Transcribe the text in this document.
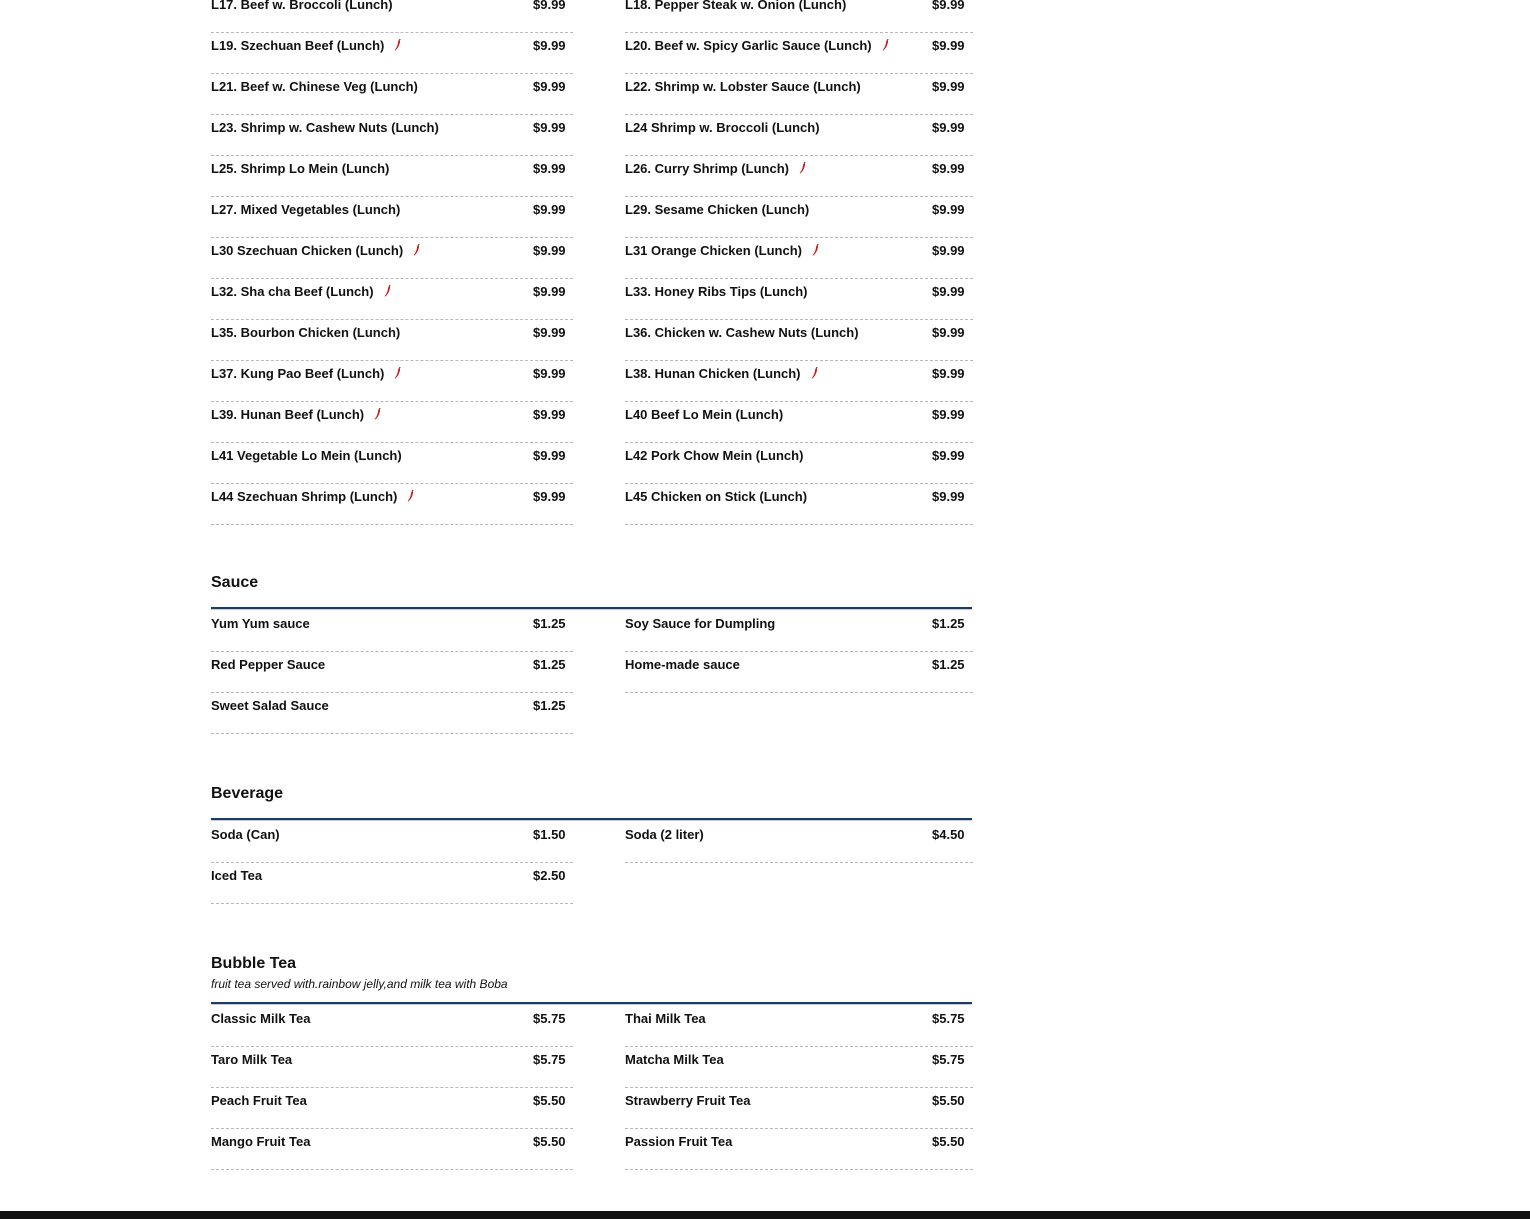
L17. Beef w. Broccoli (Lunch)	$9.99	L18. Pepper Steak w. Onion (Lunch)	$9.99
L19. Szechuan Beef (Lunch)	$9.99	L20. Beef w. Spicy Garlic Sauce (Lunch)	$9.99
L21. Beef w. Chinese Veg (Lunch)	$9.99	L22. Shrimp w. Lobster Sauce (Lunch)	$9.99
L23. Shrimp w. Cashew Nuts (Lunch)	$9.99	L24 Shrimp w. Broccoli (Lunch)	$9.99
L25. Shrimp Lo Mein (Lunch)	$9.99	L26. Curry Shrimp (Lunch)	$9.99
L27. Mixed Vegetables (Lunch)	$9.99	L29. Sesame Chicken (Lunch)	$9.99
L30 Szechuan Chicken (Lunch)	$9.99	L31 Orange Chicken (Lunch)	$9.99
L32. Sha cha Beef (Lunch)	$9.99	L33. Honey Ribs Tips (Lunch)	$9.99
L35. Bourbon Chicken (Lunch)	$9.99	L36. Chicken w. Cashew Nuts (Lunch)	$9.99
L37. Kung Pao Beef (Lunch)	$9.99	L38. Hunan Chicken (Lunch)	$9.99
L39. Hunan Beef (Lunch)	$9.99	L40 Beef Lo Mein (Lunch)	$9.99
L41 Vegetable Lo Mein (Lunch)	$9.99	L42 Pork Chow Mein (Lunch)	$9.99
L44 Szechuan Shrimp (Lunch)	$9.99	L45 Chicken on Stick (Lunch)	$9.99
Sauce
Yum Yum sauce	$1.25	Soy Sauce for Dumpling	$1.25
Red Pepper Sauce	$1.25	Home-made sauce	$1.25
Sweet Salad Sauce	$1.25
Beverage
Soda (Can)	$1.50	Soda (2 liter)	$4.50
Iced Tea	$2.50
Bubble Tea
fruit tea served with.rainbow jelly,and milk tea with Boba
Classic Milk Tea	$5.75	Thai Milk Tea	$5.75
Taro Milk Tea	$5.75	Matcha Milk Tea	$5.75
Peach Fruit Tea	$5.50	Strawberry Fruit Tea	$5.50
Mango Fruit Tea	$5.50	Passion Fruit Tea	$5.50
